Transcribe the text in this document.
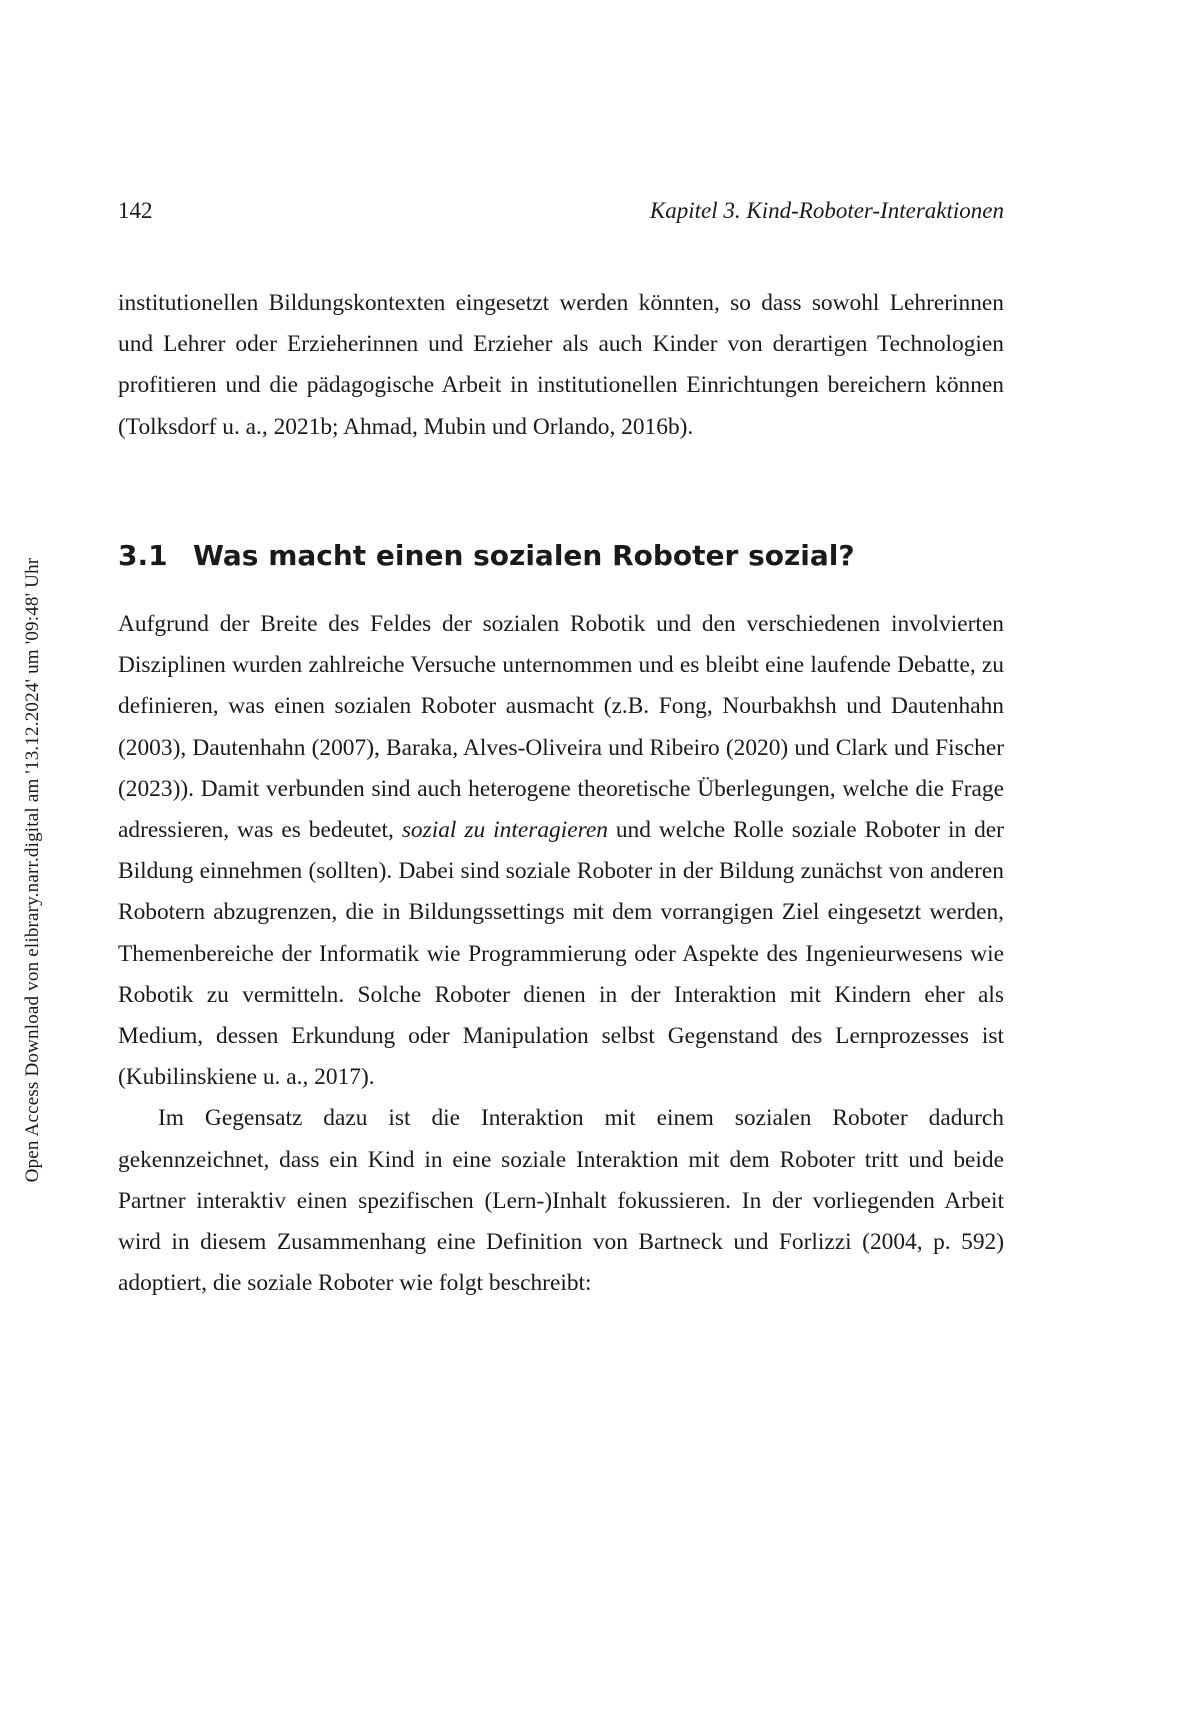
Open Access Download von elibrary.narr.digital am '13.12.2024' um '09:48' Uhr
142	Kapitel 3. Kind-Roboter-Interaktionen

institutionellen Bildungskontexten eingesetzt werden könnten, so dass sowohl Lehrerinnen und Lehrer oder Erzieherinnen und Erzieher als auch Kinder von derartigen Technologien profitieren und die pädagogische Arbeit in institutionellen Einrichtungen bereichern können (Tolksdorf u. a., 2021b; Ahmad, Mubin und Orlando, 2016b).

3.1 Was macht einen sozialen Roboter sozial?

Aufgrund der Breite des Feldes der sozialen Robotik und den verschiedenen involvierten Disziplinen wurden zahlreiche Versuche unternommen und es bleibt eine laufende Debatte, zu definieren, was einen sozialen Roboter ausmacht (z.B. Fong, Nourbakhsh und Dautenhahn (2003), Dautenhahn (2007), Baraka, Alves-Oliveira und Ribeiro (2020) und Clark und Fischer (2023)). Damit verbunden sind auch heterogene theoretische Überlegungen, welche die Frage adressieren, was es bedeutet, sozial zu interagieren und welche Rolle soziale Roboter in der Bildung einnehmen (sollten). Dabei sind soziale Roboter in der Bildung zunächst von anderen Robotern abzugrenzen, die in Bildungssettings mit dem vorrangigen Ziel eingesetzt werden, Themenbereiche der Informatik wie Programmierung oder Aspekte des Ingenieurwesens wie Robotik zu vermitteln. Solche Roboter dienen in der Interaktion mit Kindern eher als Medium, dessen Erkundung oder Manipulation selbst Gegenstand des Lernprozesses ist (Kubilinskiene u. a., 2017).

Im Gegensatz dazu ist die Interaktion mit einem sozialen Roboter dadurch gekennzeichnet, dass ein Kind in eine soziale Interaktion mit dem Roboter tritt und beide Partner interaktiv einen spezifischen (Lern-)Inhalt fokussieren. In der vorliegenden Arbeit wird in diesem Zusammenhang eine Definition von Bartneck und Forlizzi (2004, p. 592) adoptiert, die soziale Roboter wie folgt beschreibt:
